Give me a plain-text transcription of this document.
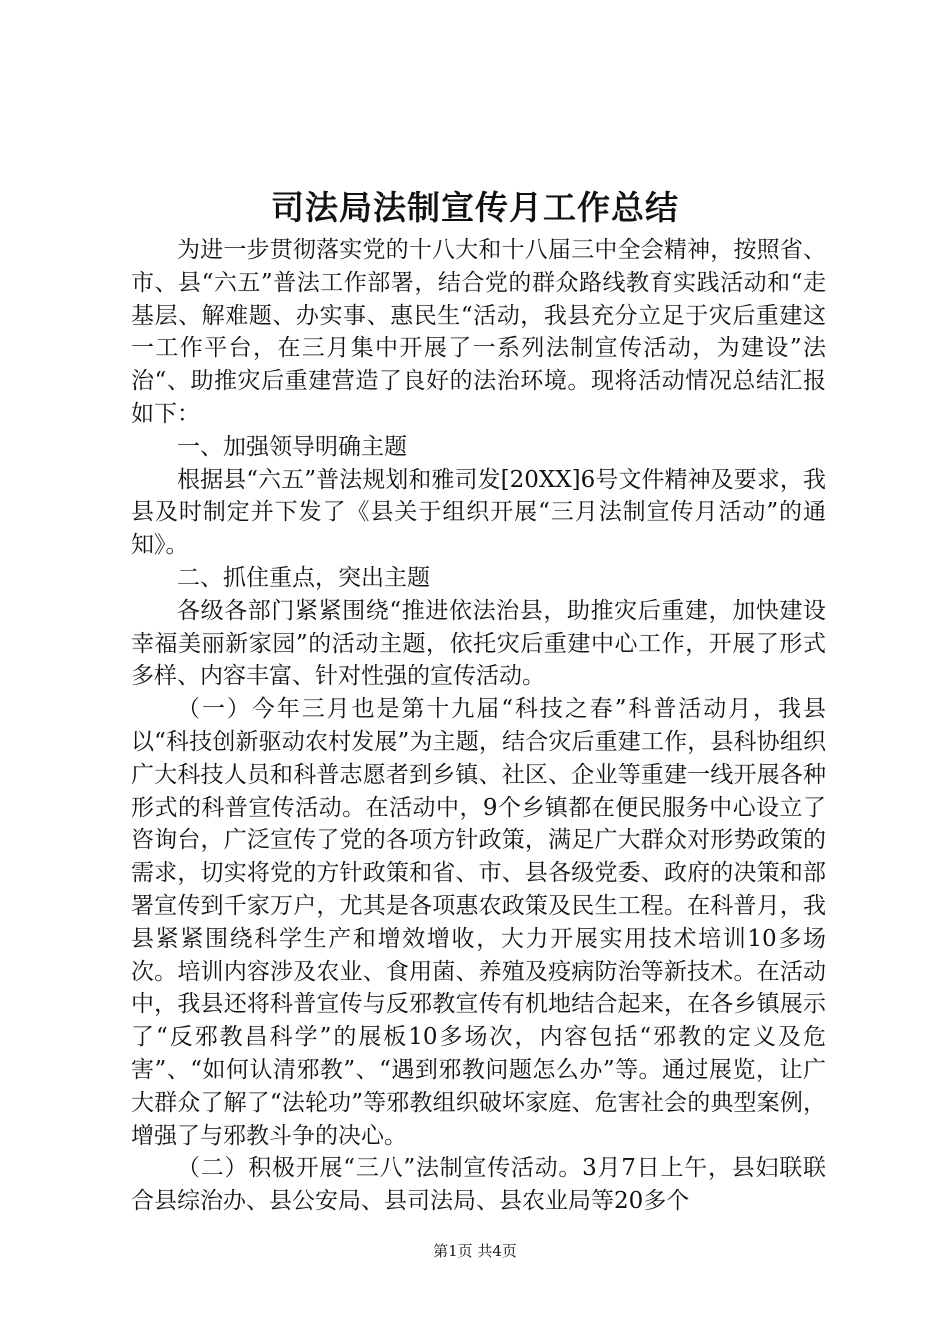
司法局法制宣传月工作总结

为进一步贯彻落实党的十八大和十八届三中全会精神，按照省、市、县“六五”普法工作部署，结合党的群众路线教育实践活动和“走基层、解难题、办实事、惠民生“活动，我县充分立足于灾后重建这一工作平台，在三月集中开展了一系列法制宣传活动，为建设”法治“、助推灾后重建营造了良好的法治环境。现将活动情况总结汇报如下：

一、加强领导明确主题

根据县“六五”普法规划和雅司发[20XX]6号文件精神及要求，我县及时制定并下发了《县关于组织开展“三月法制宣传月活动”的通知》。

二、抓住重点，突出主题

各级各部门紧紧围绕“推进依法治县，助推灾后重建，加快建设幸福美丽新家园”的活动主题，依托灾后重建中心工作，开展了形式多样、内容丰富、针对性强的宣传活动。

（一）今年三月也是第十九届“科技之春”科普活动月，我县以“科技创新驱动农村发展”为主题，结合灾后重建工作，县科协组织广大科技人员和科普志愿者到乡镇、社区、企业等重建一线开展各种形式的科普宣传活动。在活动中，9个乡镇都在便民服务中心设立了咨询台，广泛宣传了党的各项方针政策，满足广大群众对形势政策的需求，切实将党的方针政策和省、市、县各级党委、政府的决策和部署宣传到千家万户，尤其是各项惠农政策及民生工程。在科普月，我县紧紧围绕科学生产和增效增收，大力开展实用技术培训10多场次。培训内容涉及农业、食用菌、养殖及疫病防治等新技术。在活动中，我县还将科普宣传与反邪教宣传有机地结合起来，在各乡镇展示了“反邪教昌科学”的展板10多场次，内容包括“邪教的定义及危害”、“如何认清邪教”、“遇到邪教问题怎么办”等。通过展览，让广大群众了解了“法轮功”等邪教组织破坏家庭、危害社会的典型案例，增强了与邪教斗争的决心。

（二）积极开展“三八”法制宣传活动。3月7日上午，县妇联联合县综治办、县公安局、县司法局、县农业局等20多个

第1页 共4页
